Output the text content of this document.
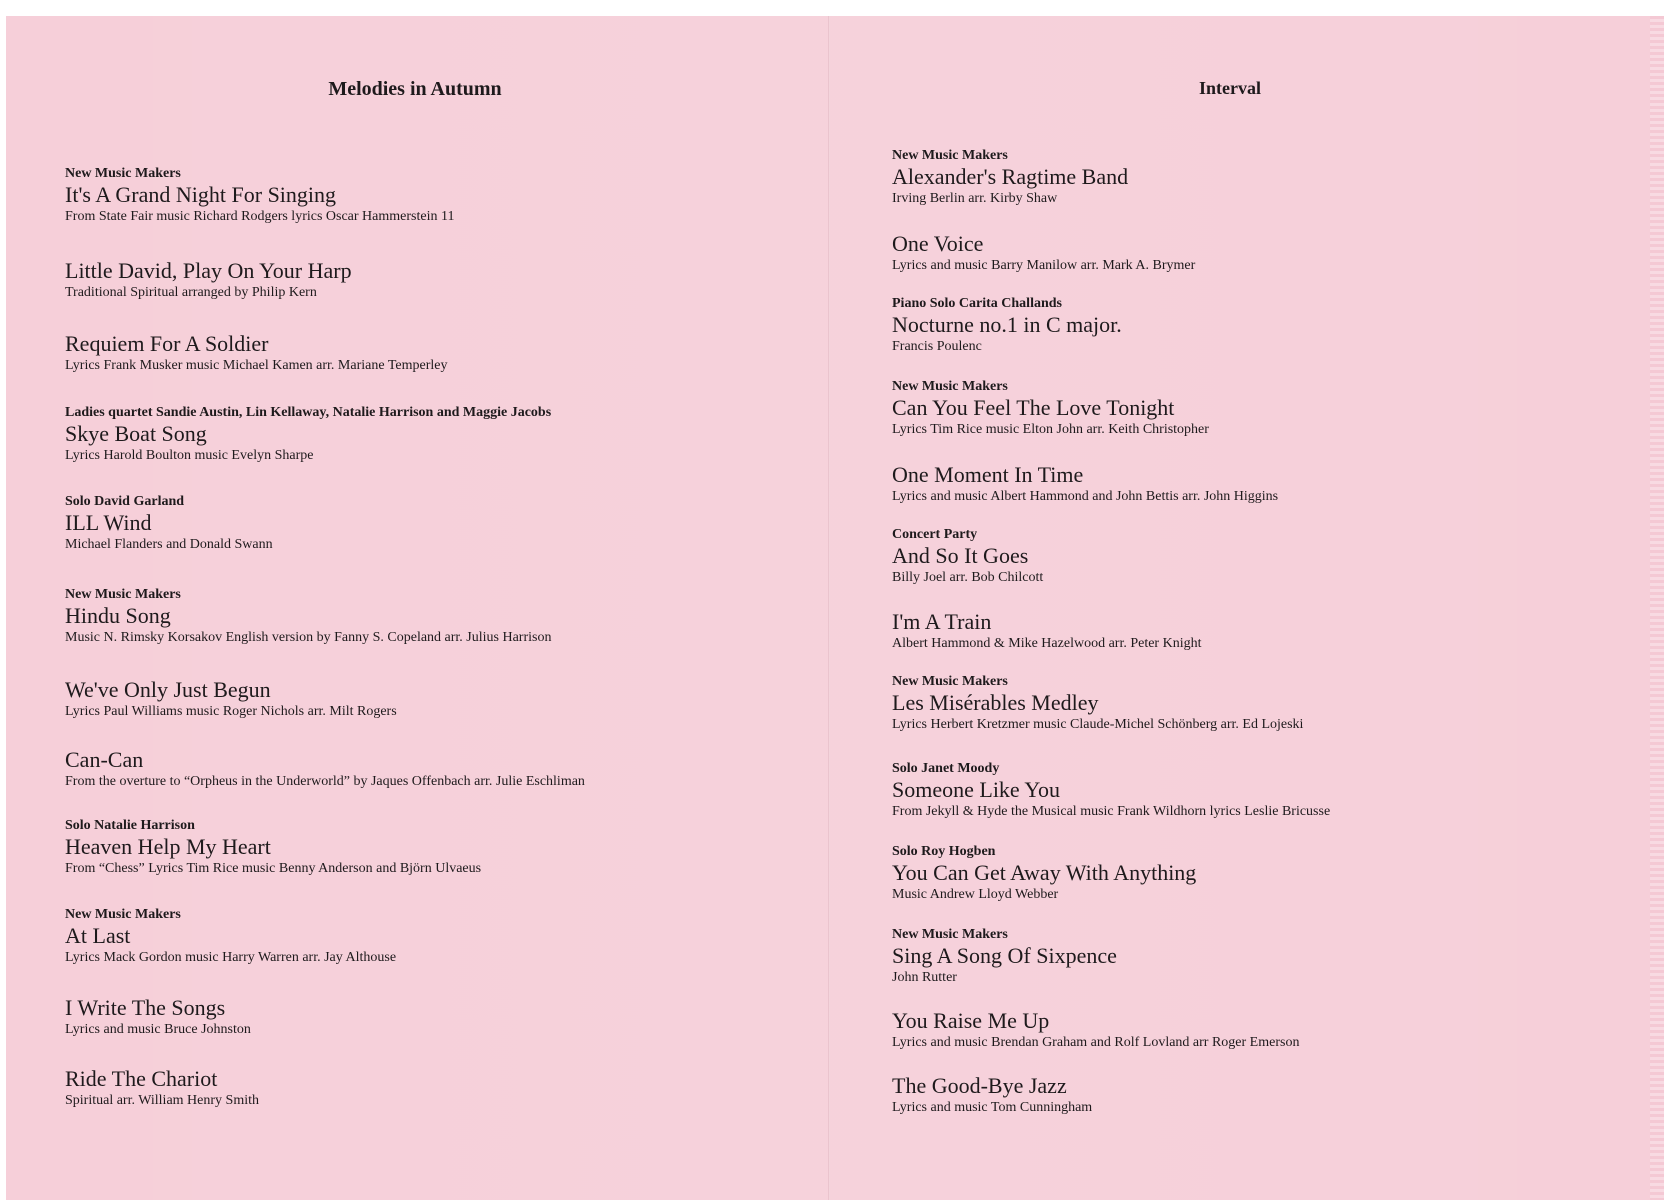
Melodies in Autumn	Interval
New Music Makers
It's A Grand Night For Singing
From State Fair music Richard Rodgers lyrics Oscar Hammerstein 11
Little David, Play On Your Harp
Traditional Spiritual arranged by Philip Kern
Requiem For A Soldier
Lyrics Frank Musker music Michael Kamen arr. Mariane Temperley
Ladies quartet Sandie Austin, Lin Kellaway, Natalie Harrison and Maggie Jacobs
Skye Boat Song
Lyrics Harold Boulton music Evelyn Sharpe
Solo David Garland
ILL Wind
Michael Flanders and Donald Swann
New Music Makers
Hindu Song
Music N. Rimsky Korsakov English version by Fanny S. Copeland arr. Julius Harrison
We've Only Just Begun
Lyrics Paul Williams music Roger Nichols arr. Milt Rogers
Can-Can
From the overture to “Orpheus in the Underworld” by Jaques Offenbach arr. Julie Eschliman
Solo Natalie Harrison
Heaven Help My Heart
From “Chess” Lyrics Tim Rice music Benny Anderson and Björn Ulvaeus
New Music Makers
At Last
Lyrics Mack Gordon music Harry Warren arr. Jay Althouse
I Write The Songs
Lyrics and music Bruce Johnston
Ride The Chariot
Spiritual arr. William Henry Smith
New Music Makers
Alexander's Ragtime Band
Irving Berlin arr. Kirby Shaw
One Voice
Lyrics and music Barry Manilow arr. Mark A. Brymer
Piano Solo Carita Challands
Nocturne no.1 in C major.
Francis Poulenc
New Music Makers
Can You Feel The Love Tonight
Lyrics Tim Rice music Elton John arr. Keith Christopher
One Moment In Time
Lyrics and music Albert Hammond and John Bettis arr. John Higgins
Concert Party
And So It Goes
Billy Joel arr. Bob Chilcott
I'm A Train
Albert Hammond & Mike Hazelwood arr. Peter Knight
New Music Makers
Les Misérables Medley
Lyrics Herbert Kretzmer music Claude-Michel Schönberg arr. Ed Lojeski
Solo Janet Moody
Someone Like You
From Jekyll & Hyde the Musical music Frank Wildhorn lyrics Leslie Bricusse
Solo Roy Hogben
You Can Get Away With Anything
Music Andrew Lloyd Webber
New Music Makers
Sing A Song Of Sixpence
John Rutter
You Raise Me Up
Lyrics and music Brendan Graham and Rolf Lovland arr Roger Emerson
The Good-Bye Jazz
Lyrics and music Tom Cunningham
